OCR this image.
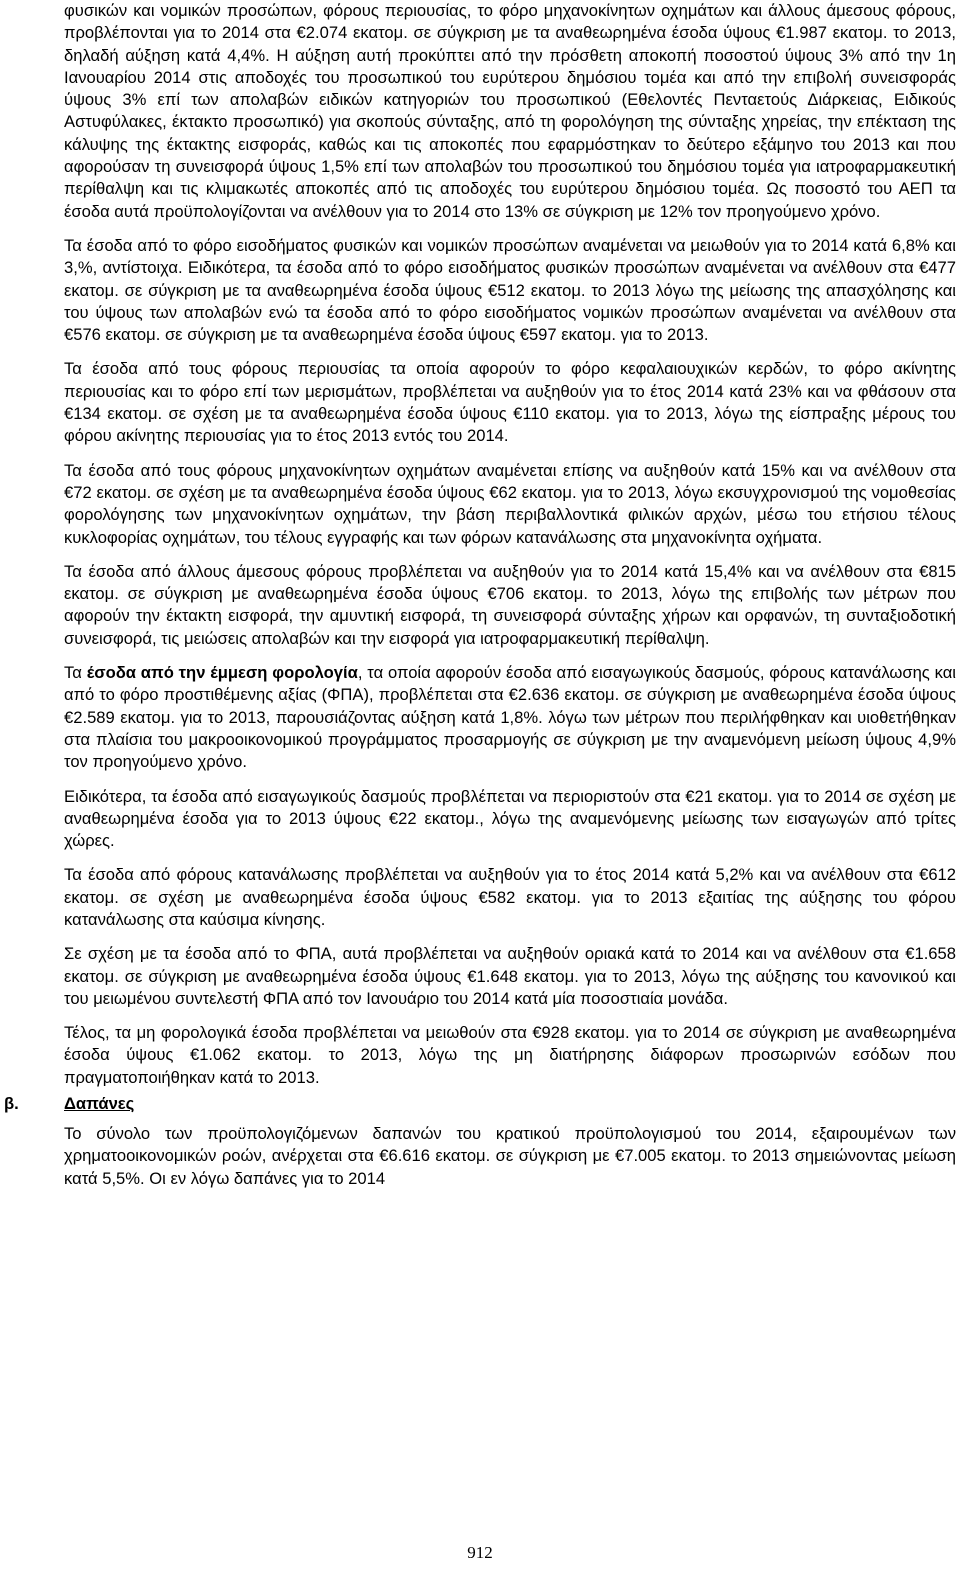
φυσικών και νομικών προσώπων, φόρους περιουσίας, το φόρο μηχανοκίνητων οχημάτων και άλλους άμεσους φόρους, προβλέπονται για το 2014 στα €2.074 εκατομ. σε σύγκριση με τα αναθεωρημένα έσοδα ύψους €1.987 εκατομ. το 2013, δηλαδή αύξηση κατά 4,4%. Η αύξηση αυτή προκύπτει από την πρόσθετη αποκοπή ποσοστού ύψους 3% από την 1η Ιανουαρίου 2014 στις αποδοχές του προσωπικού του ευρύτερου δημόσιου τομέα και από την επιβολή συνεισφοράς ύψους 3% επί των απολαβών ειδικών κατηγοριών του προσωπικού (Εθελοντές Πενταετούς Διάρκειας, Ειδικούς Αστυφύλακες, έκτακτο προσωπικό) για σκοπούς σύνταξης, από τη φορολόγηση της σύνταξης χηρείας, την επέκταση της κάλυψης της έκτακτης εισφοράς, καθώς και τις αποκοπές που εφαρμόστηκαν το δεύτερο εξάμηνο του 2013 και που αφορούσαν τη συνεισφορά ύψους 1,5% επί των απολαβών του προσωπικού του δημόσιου τομέα για ιατροφαρμακευτική περίθαλψη και τις κλιμακωτές αποκοπές από τις αποδοχές του ευρύτερου δημόσιου τομέα. Ως ποσοστό του ΑΕΠ τα έσοδα αυτά προϋπολογίζονται να ανέλθουν για το 2014 στο 13% σε σύγκριση με 12% τον προηγούμενο χρόνο.

Τα έσοδα από το φόρο εισοδήματος φυσικών και νομικών προσώπων αναμένεται να μειωθούν για το 2014 κατά 6,8% και 3,%, αντίστοιχα. Ειδικότερα, τα έσοδα από το φόρο εισοδήματος φυσικών προσώπων αναμένεται να ανέλθουν στα €477 εκατομ. σε σύγκριση με τα αναθεωρημένα έσοδα ύψους €512 εκατομ. το 2013 λόγω της μείωσης της απασχόλησης και του ύψους των απολαβών ενώ τα έσοδα από το φόρο εισοδήματος νομικών προσώπων αναμένεται να ανέλθουν στα €576 εκατομ. σε σύγκριση με τα αναθεωρημένα έσοδα ύψους €597 εκατομ. για το 2013.

Τα έσοδα από τους φόρους περιουσίας τα οποία αφορούν το φόρο κεφαλαιουχικών κερδών, το φόρο ακίνητης περιουσίας και το φόρο επί των μερισμάτων, προβλέπεται να αυξηθούν για το έτος 2014 κατά 23% και να φθάσουν στα €134 εκατομ. σε σχέση με τα αναθεωρημένα έσοδα ύψους €110 εκατομ. για το 2013, λόγω της είσπραξης μέρους του φόρου ακίνητης περιουσίας για το έτος 2013 εντός του 2014.

Τα έσοδα από τους φόρους μηχανοκίνητων οχημάτων αναμένεται επίσης να αυξηθούν κατά 15% και να ανέλθουν στα €72 εκατομ. σε σχέση με τα αναθεωρημένα έσοδα ύψους €62 εκατομ. για το 2013, λόγω εκσυγχρονισμού της νομοθεσίας φορολόγησης των μηχανοκίνητων οχημάτων, την βάση περιβαλλοντικά φιλικών αρχών, μέσω του ετήσιου τέλους κυκλοφορίας οχημάτων, του τέλους εγγραφής και των φόρων κατανάλωσης στα μηχανοκίνητα οχήματα.

Τα έσοδα από άλλους άμεσους φόρους προβλέπεται να αυξηθούν για το 2014 κατά 15,4% και να ανέλθουν στα €815 εκατομ. σε σύγκριση με αναθεωρημένα έσοδα ύψους €706 εκατομ. το 2013, λόγω της επιβολής των μέτρων που αφορούν την έκτακτη εισφορά, την αμυντική εισφορά, τη συνεισφορά σύνταξης χήρων και ορφανών, τη συνταξιοδοτική συνεισφορά, τις μειώσεις απολαβών και την εισφορά για ιατροφαρμακευτική περίθαλψη.

Τα έσοδα από την έμμεση φορολογία, τα οποία αφορούν έσοδα από εισαγωγικούς δασμούς, φόρους κατανάλωσης και από το φόρο προστιθέμενης αξίας (ΦΠΑ), προβλέπεται στα €2.636 εκατομ. σε σύγκριση με αναθεωρημένα έσοδα ύψους €2.589 εκατομ. για το 2013, παρουσιάζοντας αύξηση κατά 1,8%. λόγω των μέτρων που περιλήφθηκαν και υιοθετήθηκαν στα πλαίσια του μακροοικονομικού προγράμματος προσαρμογής σε σύγκριση με την αναμενόμενη μείωση ύψους 4,9% τον προηγούμενο χρόνο.

Ειδικότερα, τα έσοδα από εισαγωγικούς δασμούς προβλέπεται να περιοριστούν στα €21 εκατομ. για το 2014 σε σχέση με αναθεωρημένα έσοδα για το 2013 ύψους €22 εκατομ., λόγω της αναμενόμενης μείωσης των εισαγωγών από τρίτες χώρες.

Τα έσοδα από φόρους κατανάλωσης προβλέπεται να αυξηθούν για το έτος 2014 κατά 5,2% και να ανέλθουν στα €612 εκατομ. σε σχέση με αναθεωρημένα έσοδα ύψους €582 εκατομ. για το 2013 εξαιτίας της αύξησης του φόρου κατανάλωσης στα καύσιμα κίνησης.

Σε σχέση με τα έσοδα από το ΦΠΑ, αυτά προβλέπεται να αυξηθούν οριακά κατά το 2014 και να ανέλθουν στα €1.658 εκατομ. σε σύγκριση με αναθεωρημένα έσοδα ύψους €1.648 εκατομ. για το 2013, λόγω της αύξησης του κανονικού και του μειωμένου συντελεστή ΦΠΑ από τον Ιανουάριο του 2014 κατά μία ποσοστιαία μονάδα.

Τέλος, τα μη φορολογικά έσοδα προβλέπεται να μειωθούν στα €928 εκατομ. για το 2014 σε σύγκριση με αναθεωρημένα έσοδα ύψους €1.062 εκατομ. το 2013, λόγω της μη διατήρησης διάφορων προσωρινών εσόδων που πραγματοποιήθηκαν κατά το 2013.

β.	Δαπάνες

Το σύνολο των προϋπολογιζόμενων δαπανών του κρατικού προϋπολογισμού του 2014, εξαιρουμένων των χρηματοοικονομικών ροών, ανέρχεται στα €6.616 εκατομ. σε σύγκριση με €7.005 εκατομ. το 2013 σημειώνοντας μείωση κατά 5,5%. Οι εν λόγω δαπάνες για το 2014

912
